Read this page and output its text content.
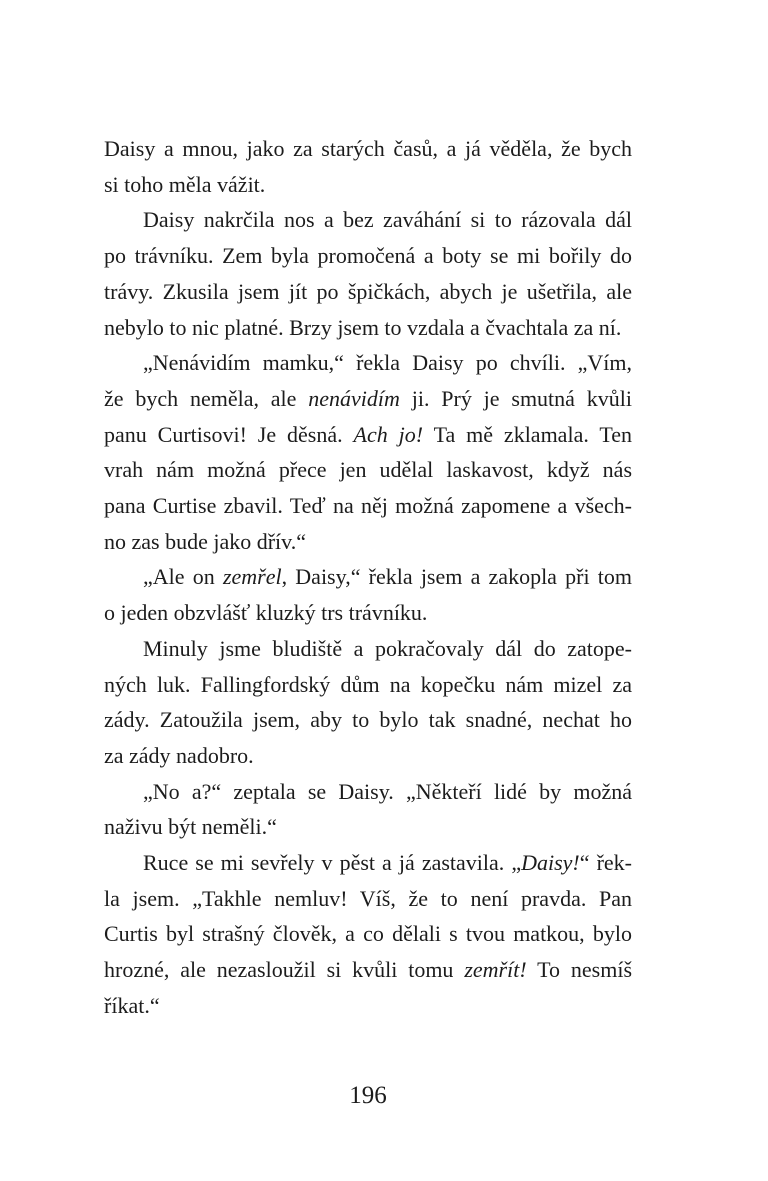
Daisy a mnou, jako za starých časů, a já věděla, že bych
si toho měla vážit.

Daisy nakrčila nos a bez zaváhání si to rázovala dál
po trávníku. Zem byla promočená a boty se mi bořily do
trávy. Zkusila jsem jít po špičkách, abych je ušetřila, ale
nebylo to nic platné. Brzy jsem to vzdala a čvachtala za ní.

„Nenávidím mamku,“ řekla Daisy po chvíli. „Vím,
že bych neměla, ale nenávidím ji. Prý je smutná kvůli
panu Curtisovi! Je děsná. Ach jo! Ta mě zklamala. Ten
vrah nám možná přece jen udělal laskavost, když nás
pana Curtise zbavil. Teď na něj možná zapomene a všech-
no zas bude jako dřív.“

„Ale on zemřel, Daisy,“ řekla jsem a zakopla při tom
o jeden obzvlášť kluzký trs trávníku.

Minuly jsme bludiště a pokračovaly dál do zatope-
ných luk. Fallingfordský dům na kopečku nám mizel za
zády. Zatoužila jsem, aby to bylo tak snadné, nechat ho
za zády nadobro.

„No a?“ zeptala se Daisy. „Někteří lidé by možná
naživu být neměli.“

Ruce se mi sevřely v pěst a já zastavila. „Daisy!“ řek-
la jsem. „Takhle nemluv! Víš, že to není pravda. Pan
Curtis byl strašný člověk, a co dělali s tvou matkou, bylo
hrozné, ale nezasloužil si kvůli tomu zemřít! To nesmíš
říkat.“

196
